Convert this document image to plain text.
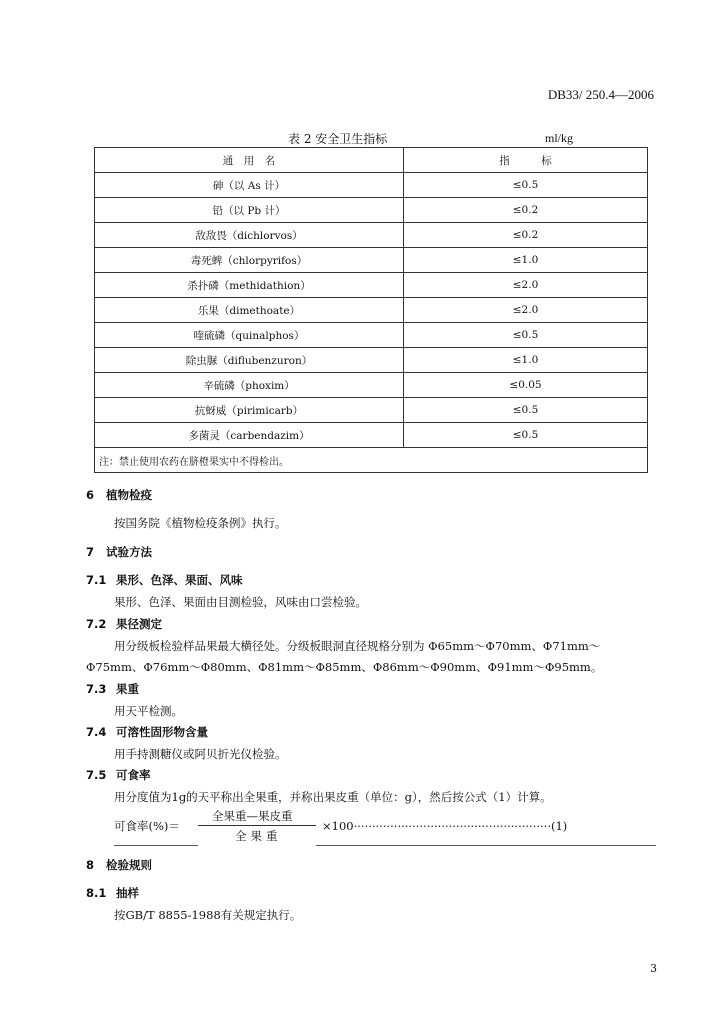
DB33/ 250.4—2006
表 2 安全卫生指标	ml/kg
通　用　名	指　　　标
砷（以 As 计）	≤0.5
铅（以 Pb 计）	≤0.2
敌敌畏（dichlorvos）	≤0.2
毒死蜱（chlorpyrifos）	≤1.0
杀扑磷（methidathion）	≤2.0
乐果（dimethoate）	≤2.0
喹硫磷（quinalphos）	≤0.5
除虫脲（diflubenzuron）	≤1.0
辛硫磷（phoxim）	≤0.05
抗蚜威（pirimicarb）	≤0.5
多菌灵（carbendazim）	≤0.5
注：禁止使用农药在脐橙果实中不得检出。	
6 植物检疫
按国务院《植物检疫条例》执行。
7 试验方法
7.1 果形、色泽、果面、风味
果形、色泽、果面由目测检验，风味由口尝检验。
7.2 果径测定
用分级板检验样品果最大横径处。分级板眼洞直径规格分别为 Φ65mm～Φ70mm、Φ71mm～
Φ75mm、Φ76mm～Φ80mm、Φ81mm～Φ85mm、Φ86mm～Φ90mm、Φ91mm～Φ95mm。
7.3 果重
用天平检测。
7.4 可溶性固形物含量
用手持测糖仪或阿贝折光仪检验。
7.5 可食率
用分度值为1g的天平称出全果重，并称出果皮重（单位：g），然后按公式（1）计算。
可食率(%)＝
全果重—果皮重
全果重
×100······················································(1)
8 检验规则
8.1 抽样
按GB/T 8855-1988有关规定执行。
3
